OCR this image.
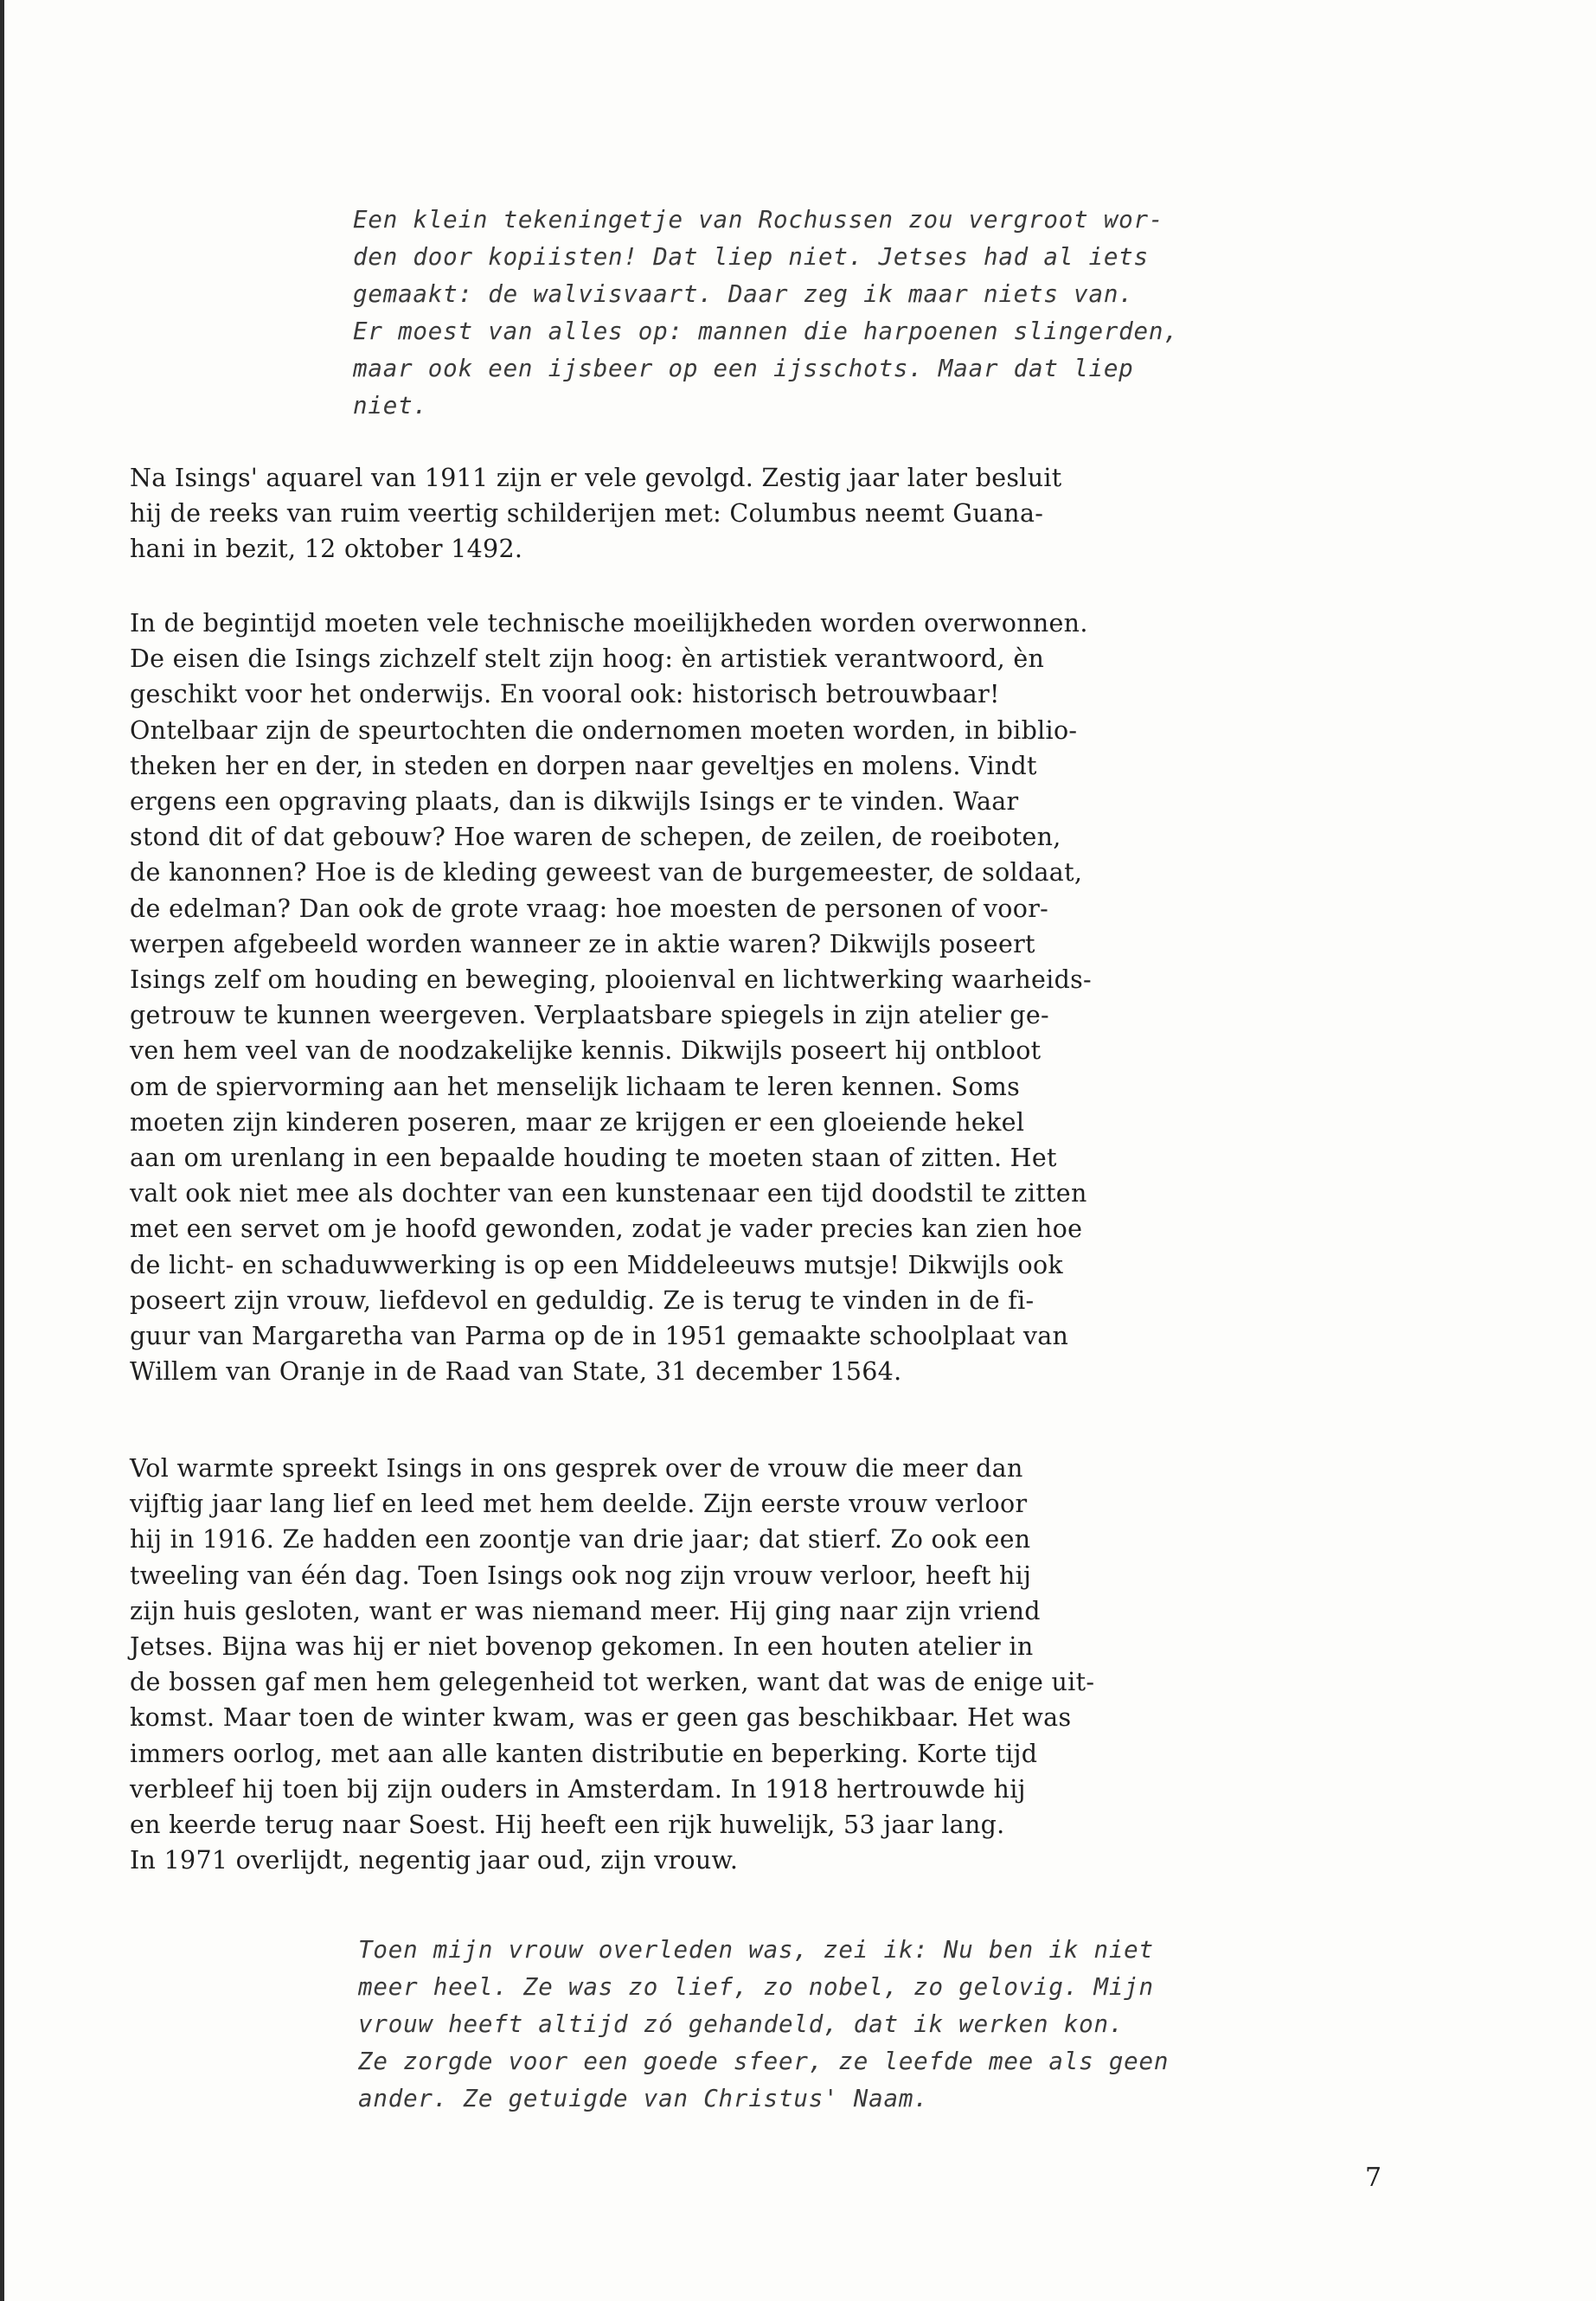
Een klein tekeningetje van Rochussen zou vergroot wor-
den door kopiisten! Dat liep niet. Jetses had al iets
gemaakt: de walvisvaart. Daar zeg ik maar niets van.
Er moest van alles op: mannen die harpoenen slingerden,
maar ook een ijsbeer op een ijsschots. Maar dat liep
niet.

Na Isings' aquarel van 1911 zijn er vele gevolgd. Zestig jaar later besluit
hij de reeks van ruim veertig schilderijen met: Columbus neemt Guana-
hani in bezit, 12 oktober 1492.

In de begintijd moeten vele technische moeilijkheden worden overwonnen.
De eisen die Isings zichzelf stelt zijn hoog: èn artistiek verantwoord, èn
geschikt voor het onderwijs. En vooral ook: historisch betrouwbaar!
Ontelbaar zijn de speurtochten die ondernomen moeten worden, in biblio-
theken her en der, in steden en dorpen naar geveltjes en molens. Vindt
ergens een opgraving plaats, dan is dikwijls Isings er te vinden. Waar
stond dit of dat gebouw? Hoe waren de schepen, de zeilen, de roeiboten,
de kanonnen? Hoe is de kleding geweest van de burgemeester, de soldaat,
de edelman? Dan ook de grote vraag: hoe moesten de personen of voor-
werpen afgebeeld worden wanneer ze in aktie waren? Dikwijls poseert
Isings zelf om houding en beweging, plooienval en lichtwerking waarheids-
getrouw te kunnen weergeven. Verplaatsbare spiegels in zijn atelier ge-
ven hem veel van de noodzakelijke kennis. Dikwijls poseert hij ontbloot
om de spiervorming aan het menselijk lichaam te leren kennen. Soms
moeten zijn kinderen poseren, maar ze krijgen er een gloeiende hekel
aan om urenlang in een bepaalde houding te moeten staan of zitten. Het
valt ook niet mee als dochter van een kunstenaar een tijd doodstil te zitten
met een servet om je hoofd gewonden, zodat je vader precies kan zien hoe
de licht- en schaduwwerking is op een Middeleeuws mutsje! Dikwijls ook
poseert zijn vrouw, liefdevol en geduldig. Ze is terug te vinden in de fi-
guur van Margaretha van Parma op de in 1951 gemaakte schoolplaat van
Willem van Oranje in de Raad van State, 31 december 1564.

Vol warmte spreekt Isings in ons gesprek over de vrouw die meer dan
vijftig jaar lang lief en leed met hem deelde. Zijn eerste vrouw verloor
hij in 1916. Ze hadden een zoontje van drie jaar; dat stierf. Zo ook een
tweeling van één dag. Toen Isings ook nog zijn vrouw verloor, heeft hij
zijn huis gesloten, want er was niemand meer. Hij ging naar zijn vriend
Jetses. Bijna was hij er niet bovenop gekomen. In een houten atelier in
de bossen gaf men hem gelegenheid tot werken, want dat was de enige uit-
komst. Maar toen de winter kwam, was er geen gas beschikbaar. Het was
immers oorlog, met aan alle kanten distributie en beperking. Korte tijd
verbleef hij toen bij zijn ouders in Amsterdam. In 1918 hertrouwde hij
en keerde terug naar Soest. Hij heeft een rijk huwelijk, 53 jaar lang.
In 1971 overlijdt, negentig jaar oud, zijn vrouw.

Toen mijn vrouw overleden was, zei ik: Nu ben ik niet
meer heel. Ze was zo lief, zo nobel, zo gelovig. Mijn
vrouw heeft altijd zó gehandeld, dat ik werken kon.
Ze zorgde voor een goede sfeer, ze leefde mee als geen
ander. Ze getuigde van Christus' Naam.

7
